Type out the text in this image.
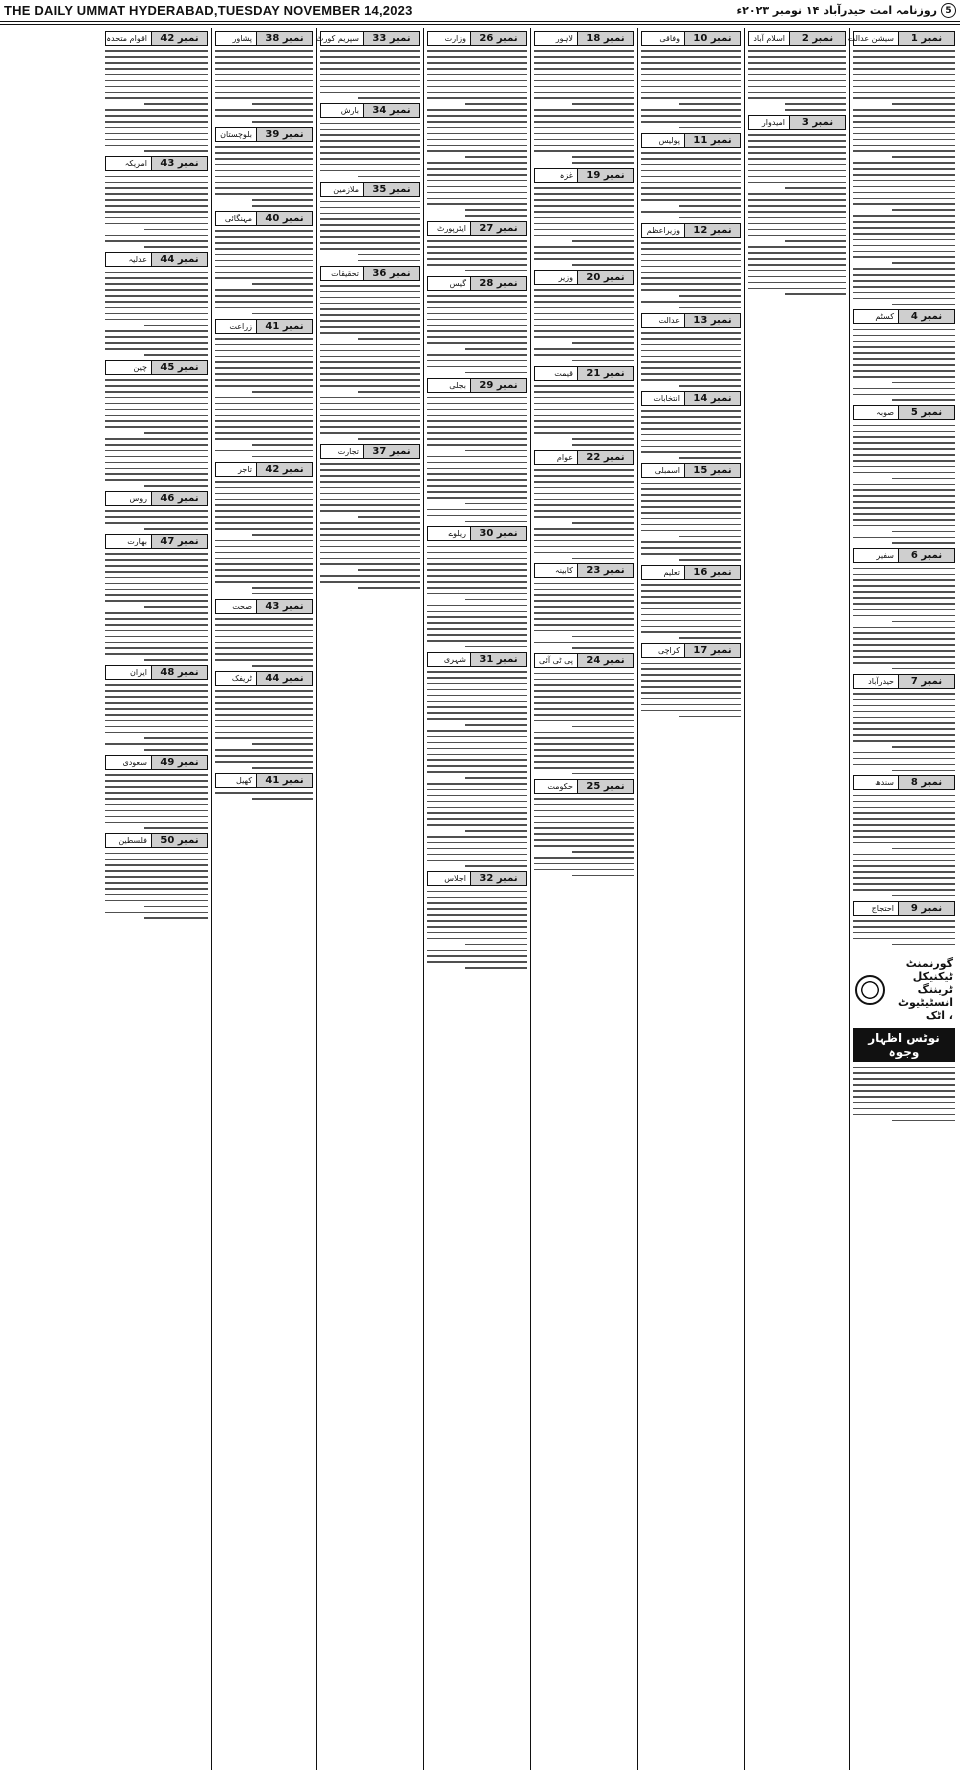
THE DAILY UMMAT HYDERABAD,TUESDAY NOVEMBER 14,2023	5
روزنامہ امت حیدرآباد
۱۴ نومبر ۲۰۲۳ء
نمبر 1
سیشن عدالت
نمبر 4
کسٹم
نمبر 5
صوبہ
نمبر 6
سفیر
نمبر 7
حیدرآباد
نمبر 8
سندھ
نمبر 9
احتجاج
گورنمنٹ ٹیکنیکل ٹریننگ انسٹیٹیوٹ ، اٹک
نوٹس اظہار وجوہ
نمبر 2
اسلام آباد
نمبر 3
امیدوار
نمبر 10
وفاقی
نمبر 11
پولیس
نمبر 12
وزیراعظم
نمبر 13
عدالت
نمبر 14
انتخابات
نمبر 15
اسمبلی
نمبر 16
تعلیم
نمبر 17
کراچی
نمبر 18
لاہور
نمبر 19
غزہ
نمبر 20
وزیر
نمبر 21
قیمت
نمبر 22
عوام
نمبر 23
کابینہ
نمبر 24
پی ٹی آئی
نمبر 25
حکومت
نمبر 26
وزارت
نمبر 27
ایئرپورٹ
نمبر 28
گیس
نمبر 29
بجلی
نمبر 30
ریلوے
نمبر 31
شہری
نمبر 32
اجلاس
نمبر 33
سپریم کورٹ
نمبر 34
بارش
نمبر 35
ملازمین
نمبر 36
تحقیقات
نمبر 37
تجارت
نمبر 38
پشاور
نمبر 39
بلوچستان
نمبر 40
مہنگائی
نمبر 41
زراعت
نمبر 42
تاجر
نمبر 43
صحت
نمبر 44
ٹریفک
نمبر 41
کھیل
نمبر 42
اقوام متحدہ
نمبر 43
امریکہ
نمبر 44
عدلیہ
نمبر 45
چین
نمبر 46
روس
نمبر 47
بھارت
نمبر 48
ایران
نمبر 49
سعودی
نمبر 50
فلسطین
